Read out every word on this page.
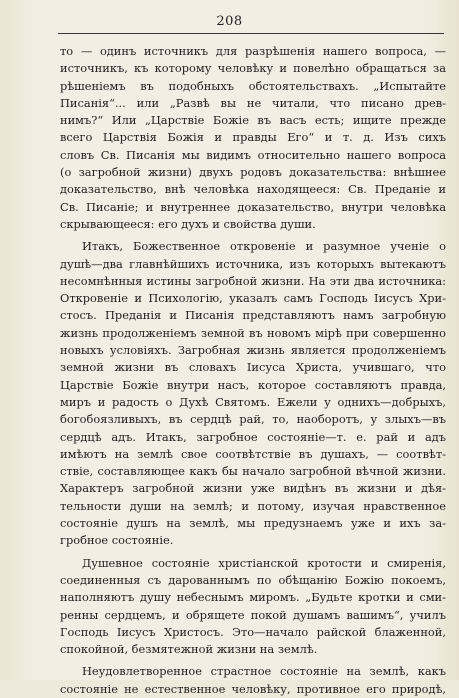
208

то — одинъ источникъ для разрѣшенія нашего вопроса, —
источникъ, къ которому человѣку и повелѣно обращаться за
рѣшеніемъ въ подобныхъ обстоятельствахъ. „Испытайте
Писанія“... или „Развѣ вы не читали, что писано древ-
нимъ?“ Или „Царствіе Божіе въ васъ есть; ищите прежде
всего Царствія Божія и правды Его“ и т. д. Изъ сихъ
словъ Св. Писанія мы видимъ относительно нашего вопроса
(о загробной жизни) двухъ родовъ доказательства: внѣшнее
доказательство, внѣ человѣка находящееся: Св. Преданіе и
Св. Писаніе; и внутреннее доказательство, внутри человѣка
скрывающееся: его духъ и свойства души.

Итакъ, Божественное откровеніе и разумное ученіе о
душѣ—два главнѣйшихъ источника, изъ которыхъ вытекаютъ
несомнѣнныя истины загробной жизни. На эти два источника:
Откровеніе и Психологію, указалъ самъ Господь Іисусъ Хри-
стосъ. Преданія и Писанія представляютъ намъ загробную
жизнь продолженіемъ земной въ новомъ мірѣ при совершенно
новыхъ условіяхъ. Загробная жизнь является продолженіемъ
земной жизни въ словахъ Іисуса Христа, учившаго, что
Царствіе Божіе внутри насъ, которое составляютъ правда,
миръ и радость о Духѣ Святомъ. Ежели у однихъ—добрыхъ,
богобоязливыхъ, въ сердцѣ рай, то, наоборотъ, у злыхъ—въ
сердцѣ адъ. Итакъ, загробное состояніе—т. е. рай и адъ
имѣютъ на землѣ свое соотвѣтствіе въ душахъ, — соотвѣт-
ствіе, составляющее какъ бы начало загробной вѣчной жизни.
Характеръ загробной жизни уже видѣнъ въ жизни и дѣя-
тельности души на землѣ; и потому, изучая нравственное
состояніе душъ на землѣ, мы предузнаемъ уже и ихъ за-
гробное состояніе.

Душевное состояніе христіанской кротости и смиренія,
соединенныя съ дарованнымъ по обѣщанію Божію покоемъ,
наполняютъ душу небеснымъ миромъ. „Будьте кротки и сми-
ренны сердцемъ, и обрящете покой душамъ вашимъ“, училъ
Господь Іисусъ Христосъ. Это—начало райской блаженной,
спокойной, безмятежной жизни на землѣ.

Неудовлетворенное страстное состояніе на землѣ, какъ
состояніе не естественное человѣку, противное его природѣ,
